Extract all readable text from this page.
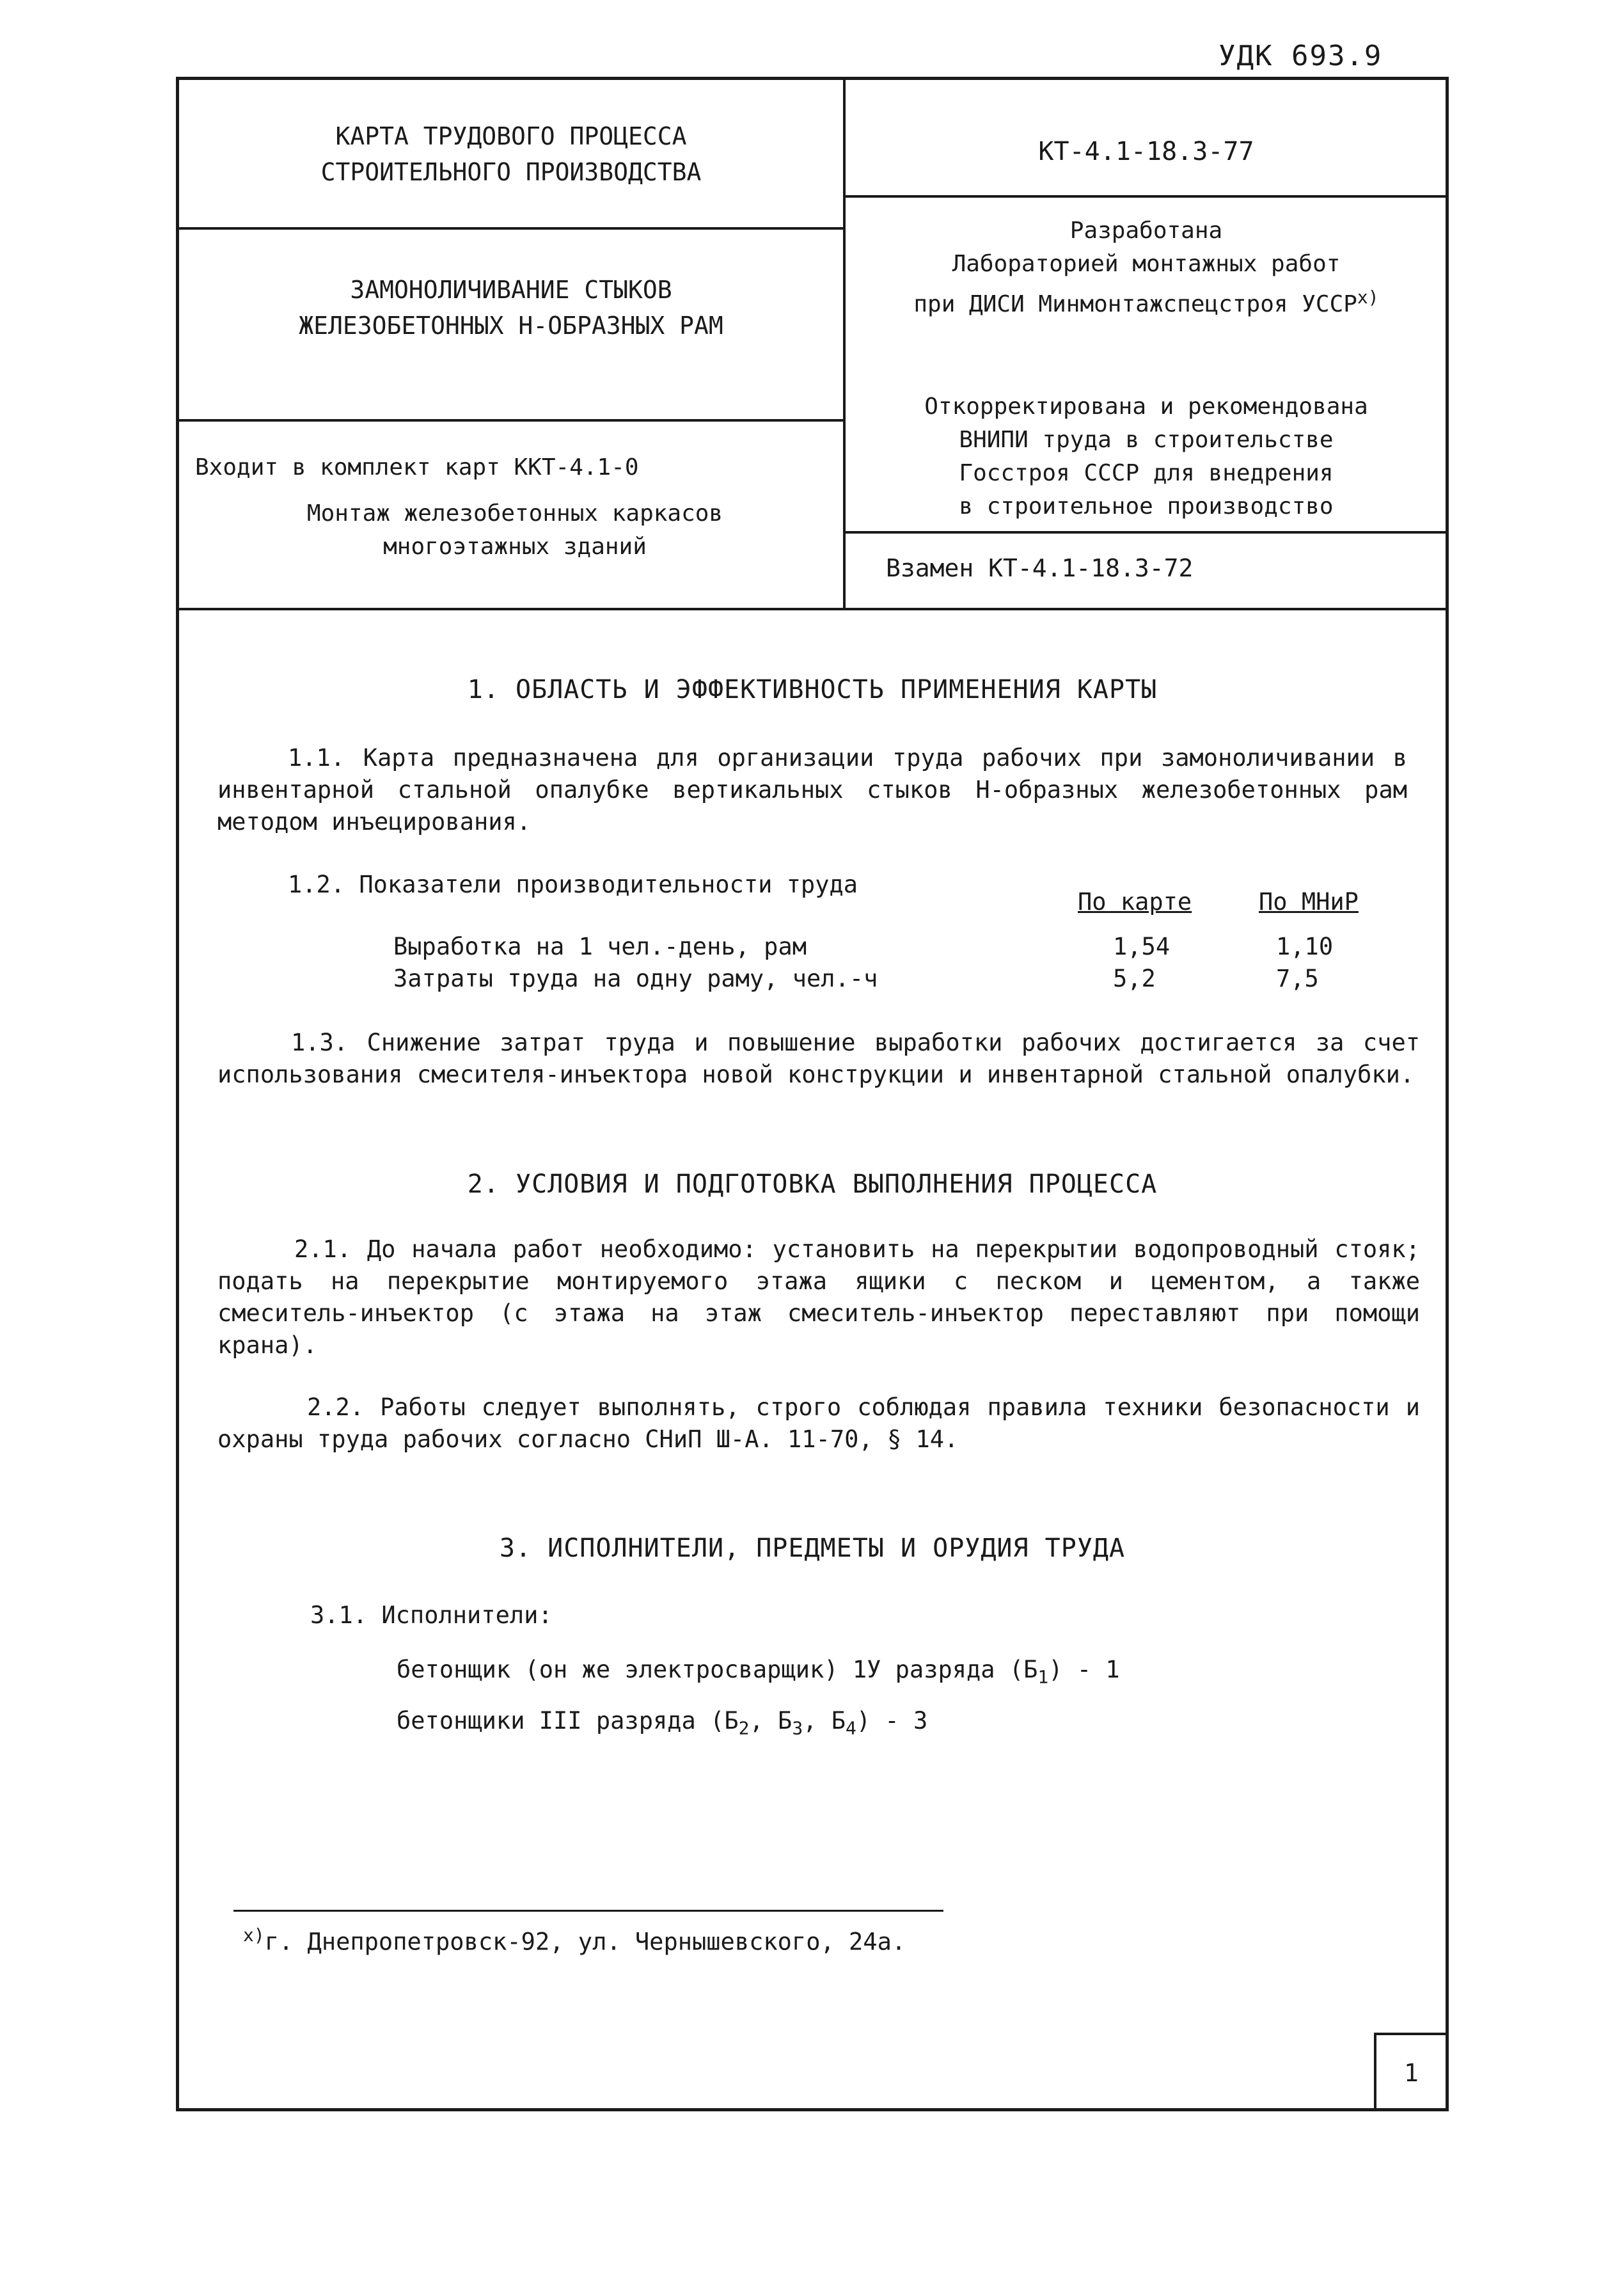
УДК 693.9
КАРТА ТРУДОВОГО ПРОЦЕССА
СТРОИТЕЛЬНОГО ПРОИЗВОДСТВА
КТ-4.1-18.3-77
ЗАМОНОЛИЧИВАНИЕ СТЫКОВ
ЖЕЛЕЗОБЕТОННЫХ Н-ОБРАЗНЫХ РАМ
Разработана
Лабораторией монтажных работ
при ДИСИ Минмонтажспецстроя УССР$^{x)}$
Входит в комплект карт ККТ-4.1-0
Монтаж железобетонных каркасов
многоэтажных зданий
Откорректирована и рекомендована
ВНИПИ труда в строительстве
Госстроя СССР для внедрения
в строительное производство
Взамен КТ-4.1-18.3-72
1. ОБЛАСТЬ И ЭФФЕКТИВНОСТЬ ПРИМЕНЕНИЯ КАРТЫ
1.1. Карта предназначена для организации труда рабочих при замоноличивании в инвентарной стальной опалубке вертикальных стыков Н-образных железобетонных рам методом инъецирования.
1.2. Показатели производительности труда
По карте	По МНиР
Выработка на 1 чел.-день, рам	1,54	1,10
Затраты труда на одну раму, чел.-ч	5,2	7,5
1.3. Снижение затрат труда и повышение выработки рабочих достигается за счет использования смесителя-инъектора новой конструкции и инвентарной стальной опалубки.
2. УСЛОВИЯ И ПОДГОТОВКА ВЫПОЛНЕНИЯ ПРОЦЕССА
2.1. До начала работ необходимо: установить на перекрытии водопроводный стояк; подать на перекрытие монтируемого этажа ящики с песком и цементом, а также смеситель-инъектор (с этажа на этаж смеситель-инъектор переставляют при помощи крана).
2.2. Работы следует выполнять, строго соблюдая правила техники безопасности и охраны труда рабочих согласно СНиП Ш-А. 11-70, § 14.
3. ИСПОЛНИТЕЛИ, ПРЕДМЕТЫ И ОРУДИЯ ТРУДА
3.1. Исполнители:
бетонщик (он же электросварщик) 1У разряда $(Б_1) - 1$
бетонщики III разряда ($Б_2$, $Б_3$, $Б_4) - 3$
$^{x)}$г. Днепропетровск-92, ул. Чернышевского, 24а.
1
